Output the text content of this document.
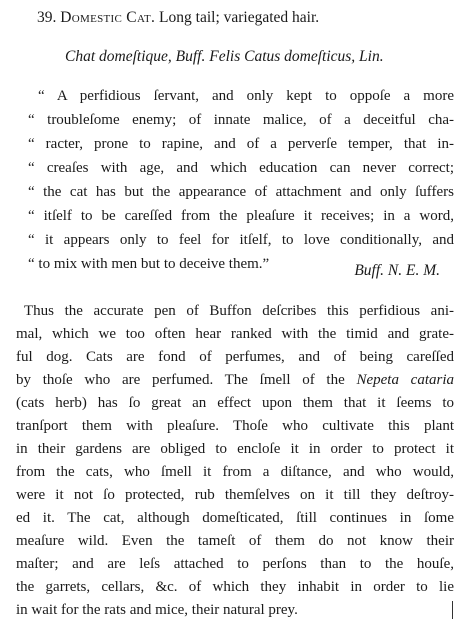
39. Domestic Cat. Long tail; variegated hair.
Chat domeſtique, Buff. Felis Catus domeſticus, Lin.
“ A perfidious ſervant, and only kept to oppoſe a more
“ troubleſome enemy; of innate malice, of a deceitful cha-
“ racter, prone to rapine, and of a perverſe temper, that in-
“ creaſes with age, and which education can never correct;
“ the cat has but the appearance of attachment and only ſuffers
“ itſelf to be careſſed from the pleaſure it receives; in a word,
“ it appears only to feel for itſelf, to love conditionally, and
“ to mix with men but to deceive them.”	Buff. N. E. M.
Thus the accurate pen of Buffon deſcribes this perfidious ani-
mal, which we too often hear ranked with the timid and grate-
ful dog. Cats are fond of perfumes, and of being careſſed
by thoſe who are perfumed. The ſmell of the Nepeta cataria
(cats herb) has ſo great an effect upon them that it ſeems to
tranſport them with pleaſure. Thoſe who cultivate this plant
in their gardens are obliged to encloſe it in order to protect it
from the cats, who ſmell it from a diſtance, and who would,
were it not ſo protected, rub themſelves on it till they deſtroy-
ed it. The cat, although domeſticated, ſtill continues in ſome
meaſure wild. Even the tameſt of them do not know their
maſter; and are leſs attached to perſons than to the houſe,
the garrets, cellars, &c. of which they inhabit in order to lie
in wait for the rats and mice, their natural prey.
